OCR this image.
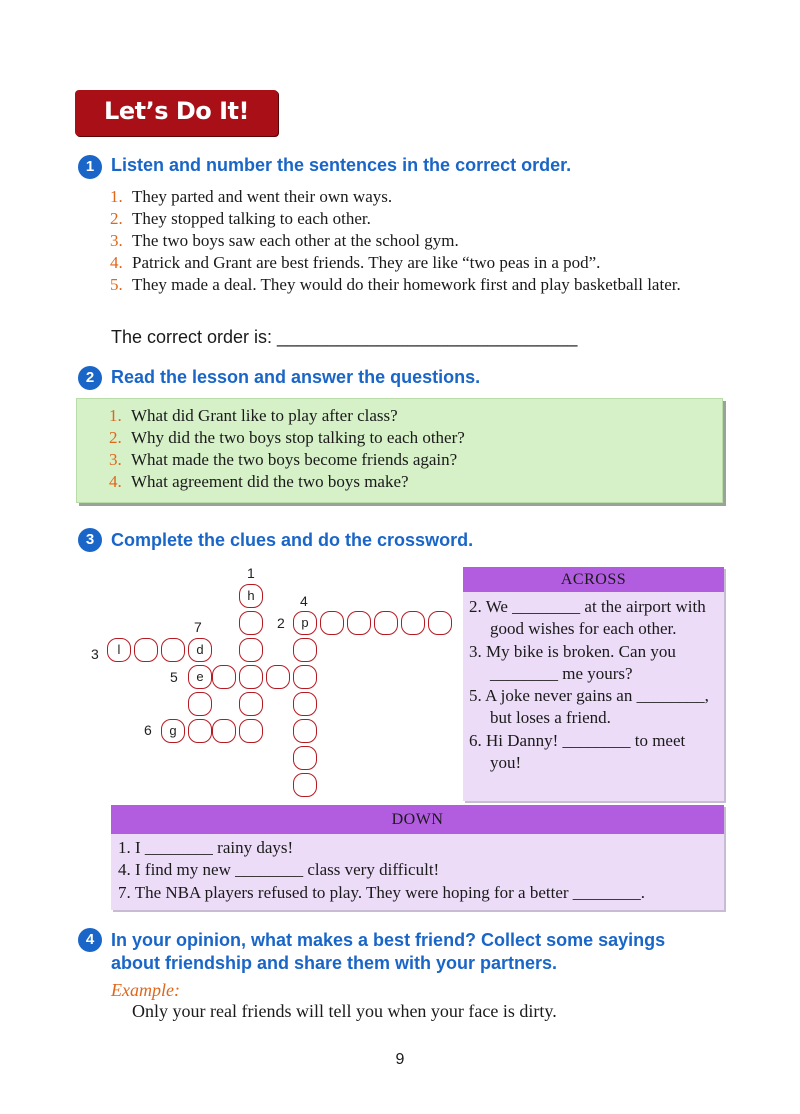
Let’s Do It!
1 Listen and number the sentences in the correct order.
1. They parted and went their own ways.
2. They stopped talking to each other.
3. The two boys saw each other at the school gym.
4. Patrick and Grant are best friends. They are like “two peas in a pod”.
5. They made a deal. They would do their homework first and play basketball later.
The correct order is: ______________________________
2 Read the lesson and answer the questions.
1. What did Grant like to play after class?
2. Why did the two boys stop talking to each other?
3. What made the two boys become friends again?
4. What agreement did the two boys make?
3 Complete the clues and do the crossword.
1
4
7	2
3
5
6
h
p
l	d
e
g
ACROSS
2. We ________ at the airport with good wishes for each other.
3. My bike is broken. Can you ________ me yours?
5. A joke never gains an ________, but loses a friend.
6. Hi Danny! ________ to meet you!
DOWN
1. I ________ rainy days!
4. I find my new ________ class very difficult!
7. The NBA players refused to play. They were hoping for a better ________.
4 In your opinion, what makes a best friend? Collect some sayings
about friendship and share them with your partners.
Example:
Only your real friends will tell you when your face is dirty.
9
